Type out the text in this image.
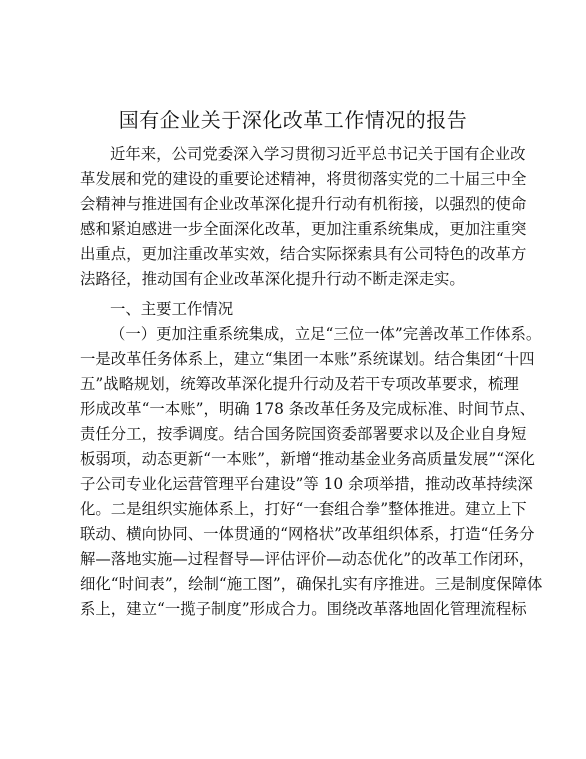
国有企业关于深化改革工作情况的报告
近年来，公司党委深入学习贯彻习近平总书记关于国有企业改
革发展和党的建设的重要论述精神，将贯彻落实党的二十届三中全
会精神与推进国有企业改革深化提升行动有机衔接，以强烈的使命
感和紧迫感进一步全面深化改革，更加注重系统集成，更加注重突
出重点，更加注重改革实效，结合实际探索具有公司特色的改革方
法路径，推动国有企业改革深化提升行动不断走深走实。
一、主要工作情况
（一）更加注重系统集成，立足“三位一体”完善改革工作体系。
一是改革任务体系上，建立“集团一本账”系统谋划。结合集团“十四
五”战略规划，统筹改革深化提升行动及若干专项改革要求，梳理
形成改革“一本账”，明确 178 条改革任务及完成标准、时间节点、
责任分工，按季调度。结合国务院国资委部署要求以及企业自身短
板弱项，动态更新“一本账”，新增“推动基金业务高质量发展”“深化
子公司专业化运营管理平台建设”等 10 余项举措，推动改革持续深
化。二是组织实施体系上，打好“一套组合拳”整体推进。建立上下
联动、横向协同、一体贯通的“网格状”改革组织体系，打造“任务分
解—落地实施—过程督导—评估评价—动态优化”的改革工作闭环，
细化“时间表”，绘制“施工图”，确保扎实有序推进。三是制度保障体
系上，建立“一揽子制度”形成合力。围绕改革落地固化管理流程标
